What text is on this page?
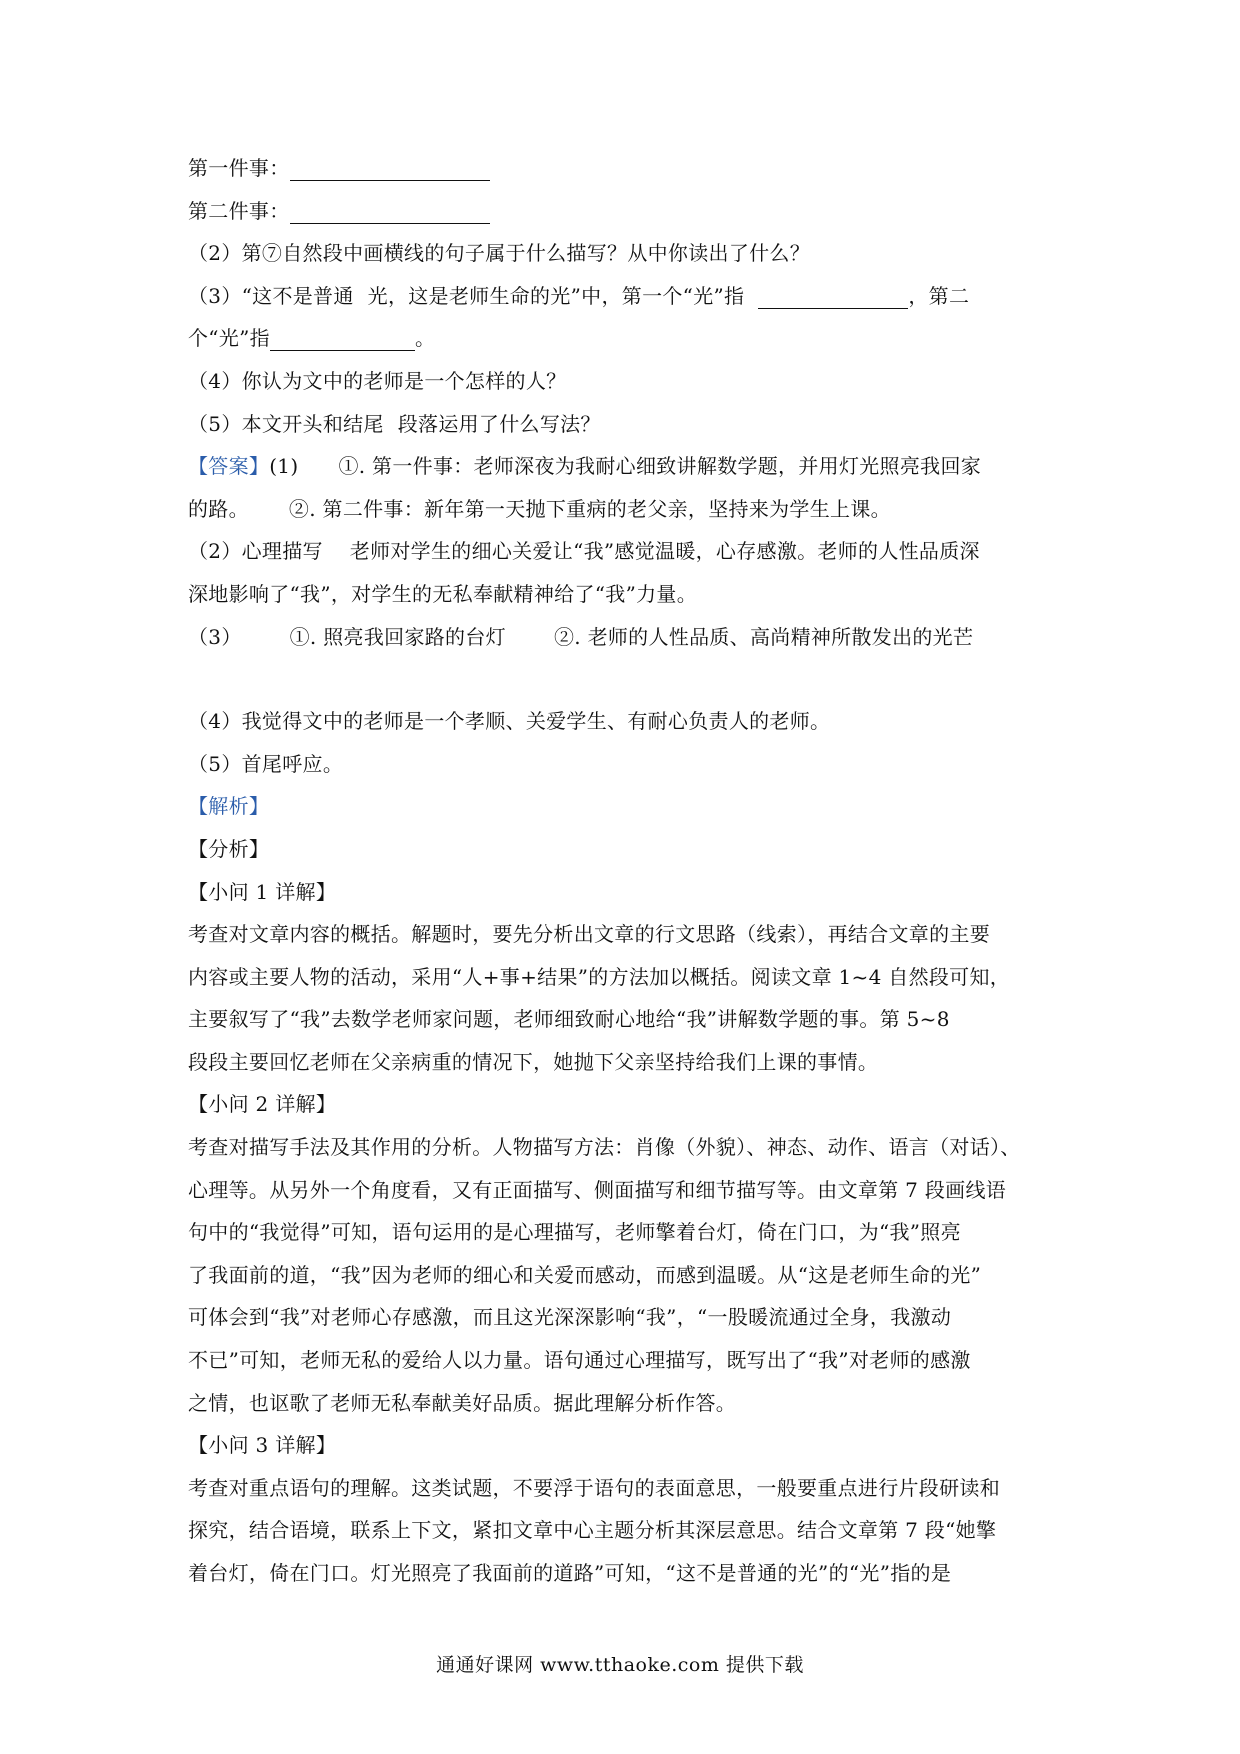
第一件事：
第二件事：
（2）第⑦自然段中画横线的句子属于什么描写？从中你读出了什么？
（3）“这不是普通 光，这是老师生命的光”中，第一个“光”指	，第二
个“光”指	。
（4）你认为文中的老师是一个怎样的人？
（5）本文开头和结尾 段落运用了什么写法？
【答案】(1) ①. 第一件事：老师深夜为我耐心细致讲解数学题，并用灯光照亮我回家
的路。 ②. 第二件事：新年第一天抛下重病的老父亲，坚持来为学生上课。
（2）心理描写 　老师对学生的细心关爱让“我”感觉温暖，心存感激。老师的人性品质深
深地影响了“我”，对学生的无私奉献精神给了“我”力量。
（3） ①. 照亮我回家路的台灯 ②. 老师的人性品质、高尚精神所散发出的光芒
（4）我觉得文中的老师是一个孝顺、关爱学生、有耐心负责人的老师。
（5）首尾呼应。
【解析】
【分析】
【小问 1 详解】
考查对文章内容的概括。解题时，要先分析出文章的行文思路（线索），再结合文章的主要
内容或主要人物的活动，采用“人+事+结果”的方法加以概括。阅读文章 1~4 自然段可知，
主要叙写了“我”去数学老师家问题，老师细致耐心地给“我”讲解数学题的事。第 5~8
段段主要回忆老师在父亲病重的情况下，她抛下父亲坚持给我们上课的事情。
【小问 2 详解】
考查对描写手法及其作用的分析。人物描写方法：肖像（外貌）、神态、动作、语言（对话）、
心理等。从另外一个角度看，又有正面描写、侧面描写和细节描写等。由文章第 7 段画线语
句中的“我觉得”可知，语句运用的是心理描写，老师擎着台灯，倚在门口，为“我”照亮
了我面前的道，“我”因为老师的细心和关爱而感动，而感到温暖。从“这是老师生命的光”
可体会到“我”对老师心存感激，而且这光深深影响“我”，“一股暖流通过全身，我激动
不已”可知，老师无私的爱给人以力量。语句通过心理描写，既写出了“我”对老师的感激
之情，也讴歌了老师无私奉献美好品质。据此理解分析作答。
【小问 3 详解】
考查对重点语句的理解。这类试题，不要浮于语句的表面意思，一般要重点进行片段研读和
探究，结合语境，联系上下文，紧扣文章中心主题分析其深层意思。结合文章第 7 段“她擎
着台灯，倚在门口。灯光照亮了我面前的道路”可知，“这不是普通的光”的“光”指的是
通通好课网 www.tthaoke.com 提供下载
